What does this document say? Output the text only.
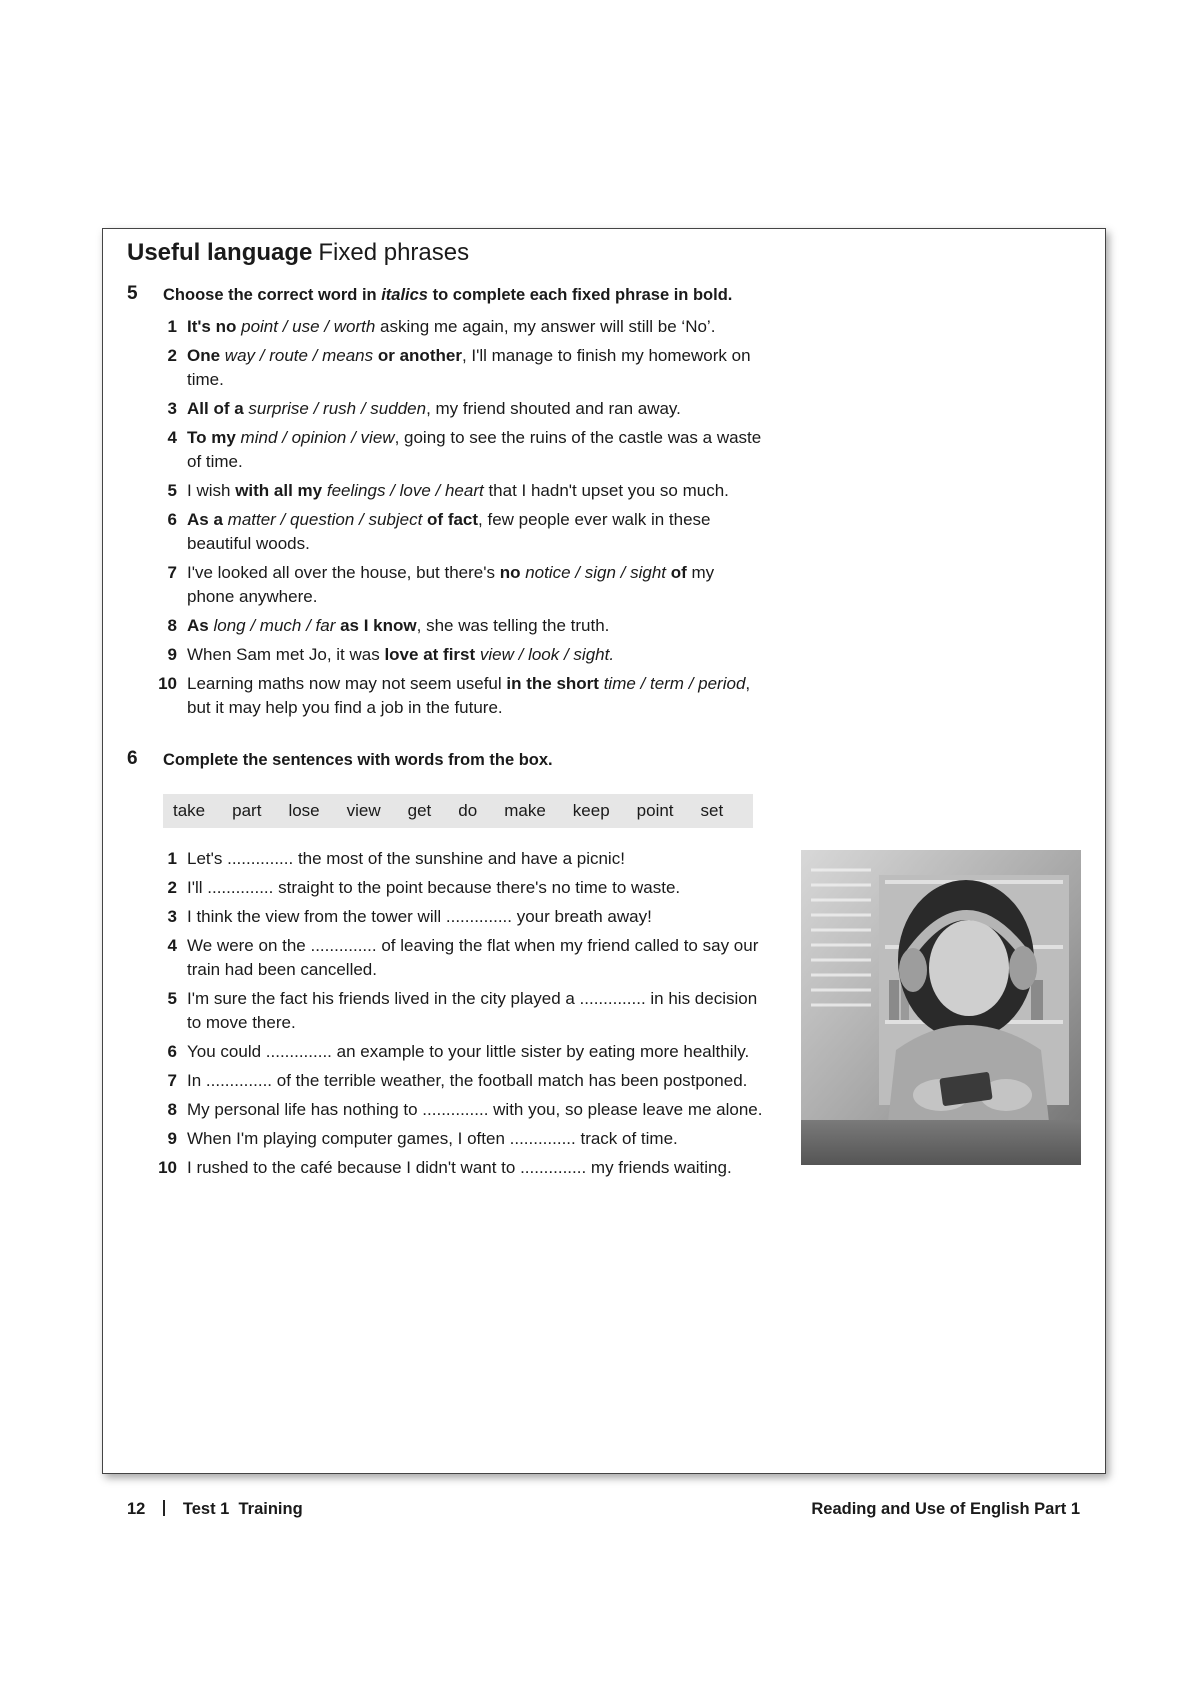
Useful language Fixed phrases
5 Choose the correct word in italics to complete each fixed phrase in bold.
1 It's no point / use / worth asking me again, my answer will still be ‘No’.
2 One way / route / means or another, I'll manage to finish my homework on time.
3 All of a surprise / rush / sudden, my friend shouted and ran away.
4 To my mind / opinion / view, going to see the ruins of the castle was a waste of time.
5 I wish with all my feelings / love / heart that I hadn't upset you so much.
6 As a matter / question / subject of fact, few people ever walk in these beautiful woods.
7 I've looked all over the house, but there's no notice / sign / sight of my phone anywhere.
8 As long / much / far as I know, she was telling the truth.
9 When Sam met Jo, it was love at first view / look / sight.
10 Learning maths now may not seem useful in the short time / term / period, but it may help you find a job in the future.
6 Complete the sentences with words from the box.
take part lose view get do make keep point set
1 Let's .............. the most of the sunshine and have a picnic!
2 I'll .............. straight to the point because there's no time to waste.
3 I think the view from the tower will .............. your breath away!
4 We were on the .............. of leaving the flat when my friend called to say our train had been cancelled.
5 I'm sure the fact his friends lived in the city played a .............. in his decision to move there.
6 You could .............. an example to your little sister by eating more healthily.
7 In .............. of the terrible weather, the football match has been postponed.
8 My personal life has nothing to .............. with you, so please leave me alone.
9 When I'm playing computer games, I often .............. track of time.
10 I rushed to the café because I didn't want to .............. my friends waiting.
12 Test 1  Training	Reading and Use of English Part 1
